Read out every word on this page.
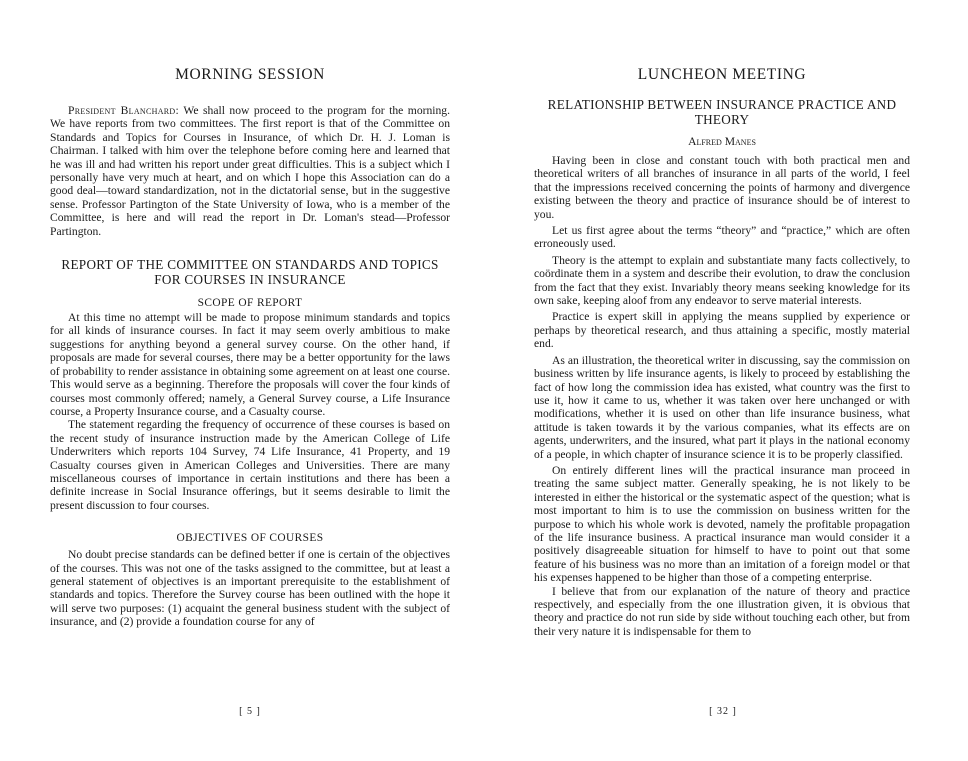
MORNING SESSION

President Blanchard: We shall now proceed to the program for the morning. We have reports from two committees. The first report is that of the Committee on Standards and Topics for Courses in Insurance, of which Dr. H. J. Loman is Chairman. I talked with him over the telephone before coming here and learned that he was ill and had written his report under great difficulties. This is a subject which I personally have very much at heart, and on which I hope this Association can do a good deal—toward standardization, not in the dictatorial sense, but in the suggestive sense. Professor Partington of the State University of Iowa, who is a member of the Committee, is here and will read the report in Dr. Loman's stead—Professor Partington.

REPORT OF THE COMMITTEE ON STANDARDS AND TOPICS FOR COURSES IN INSURANCE
SCOPE OF REPORT

At this time no attempt will be made to propose minimum standards and topics for all kinds of insurance courses. In fact it may seem overly ambitious to make suggestions for anything beyond a general survey course. On the other hand, if proposals are made for several courses, there may be a better opportunity for the laws of probability to render assistance in obtaining some agreement on at least one course. This would serve as a beginning. Therefore the proposals will cover the four kinds of courses most commonly offered; namely, a General Survey course, a Life Insurance course, a Property Insurance course, and a Casualty course.

The statement regarding the frequency of occurrence of these courses is based on the recent study of insurance instruction made by the American College of Life Underwriters which reports 104 Survey, 74 Life Insurance, 41 Property, and 19 Casualty courses given in American Colleges and Universities. There are many miscellaneous courses of importance in certain institutions and there has been a definite increase in Social Insurance offerings, but it seems desirable to limit the present discussion to four courses.

OBJECTIVES OF COURSES

No doubt precise standards can be defined better if one is certain of the objectives of the courses. This was not one of the tasks assigned to the committee, but at least a general statement of objectives is an important prerequisite to the establishment of standards and topics. Therefore the Survey course has been outlined with the hope it will serve two purposes: (1) acquaint the general business student with the subject of insurance, and (2) provide a foundation course for any of

[ 5 ]
LUNCHEON MEETING
RELATIONSHIP BETWEEN INSURANCE PRACTICE AND THEORY
Alfred Manes

Having been in close and constant touch with both practical men and theoretical writers of all branches of insurance in all parts of the world, I feel that the impressions received concerning the points of harmony and divergence existing between the theory and practice of insurance should be of interest to you.

Let us first agree about the terms “theory” and “practice,” which are often erroneously used.

Theory is the attempt to explain and substantiate many facts collectively, to coördinate them in a system and describe their evolution, to draw the conclusion from the fact that they exist. Invariably theory means seeking knowledge for its own sake, keeping aloof from any endeavor to serve material interests.

Practice is expert skill in applying the means supplied by experience or perhaps by theoretical research, and thus attaining a specific, mostly material end.

As an illustration, the theoretical writer in discussing, say the commission on business written by life insurance agents, is likely to proceed by establishing the fact of how long the commission idea has existed, what country was the first to use it, how it came to us, whether it was taken over here unchanged or with modifications, whether it is used on other than life insurance business, what attitude is taken towards it by the various companies, what its effects are on agents, underwriters, and the insured, what part it plays in the national economy of a people, in which chapter of insurance science it is to be properly classified.

On entirely different lines will the practical insurance man proceed in treating the same subject matter. Generally speaking, he is not likely to be interested in either the historical or the systematic aspect of the question; what is most important to him is to use the commission on business written for the purpose to which his whole work is devoted, namely the profitable propagation of the life insurance business. A practical insurance man would consider it a positively disagreeable situation for himself to have to point out that some feature of his business was no more than an imitation of a foreign model or that his expenses happened to be higher than those of a competing enterprise.

I believe that from our explanation of the nature of theory and practice respectively, and especially from the one illustration given, it is obvious that theory and practice do not run side by side without touching each other, but from their very nature it is indispensable for them to

[ 32 ]
